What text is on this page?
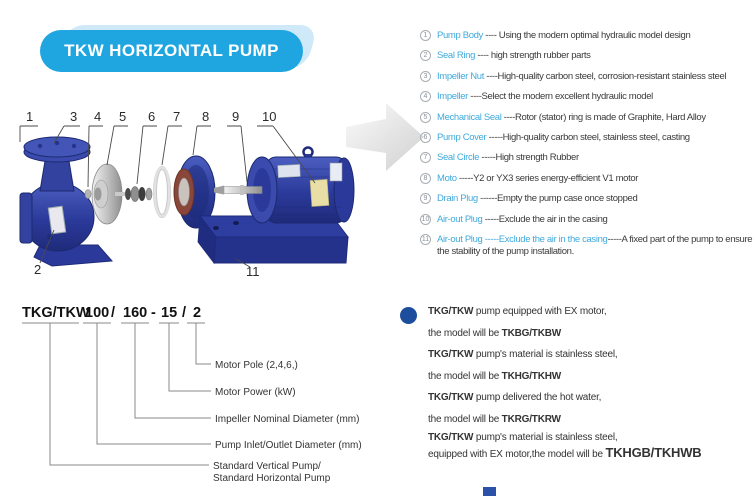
TKW HORIZONTAL PUMP
1	3 4 5 6 7 8 9 10
2	11
1	Pump Body ---- Using the modern optimal hydraulic model design
2	Seal Ring ---- high strength rubber parts
3	Impeller Nut ----High-quality carbon steel, corrosion-resistant stainless steel
4	Impeller ----Select the modern excellent hydraulic model
5	Mechanical Seal ----Rotor (stator) ring is made of Graphite, Hard Alloy
6	Pump Cover -----High-quality carbon steel, stainless steel, casting
7	Seal Circle -----High strength Rubber
8	Moto -----Y2 or YX3 series energy-efficient V1 motor
9	Drain Plug ------Empty the pump case once stopped
10 Air-out Plug -----Exclude the air in the casing
11 Air-out Plug -----Exclude the air in the casing-----A fixed part of the pump to ensure the stability of the pump installation.
TKG/TKW
100 / 160 - 15 / 2
Motor Pole (2,4,6,)
Motor Power (kW)
Impeller Nominal Diameter (mm)
Pump Inlet/Outlet Diameter (mm)
Standard Vertical Pump/
Standard Horizontal Pump
TKG/TKW pump equipped with EX motor,
the model will be TKBG/TKBW
TKG/TKW pump's material is stainless steel,
the model will be TKHG/TKHW
TKG/TKW pump delivered the hot water,
the model will be TKRG/TKRW
TKG/TKW pump's material is stainless steel,
equipped with EX motor,the model will be TKHGB/TKHWB
